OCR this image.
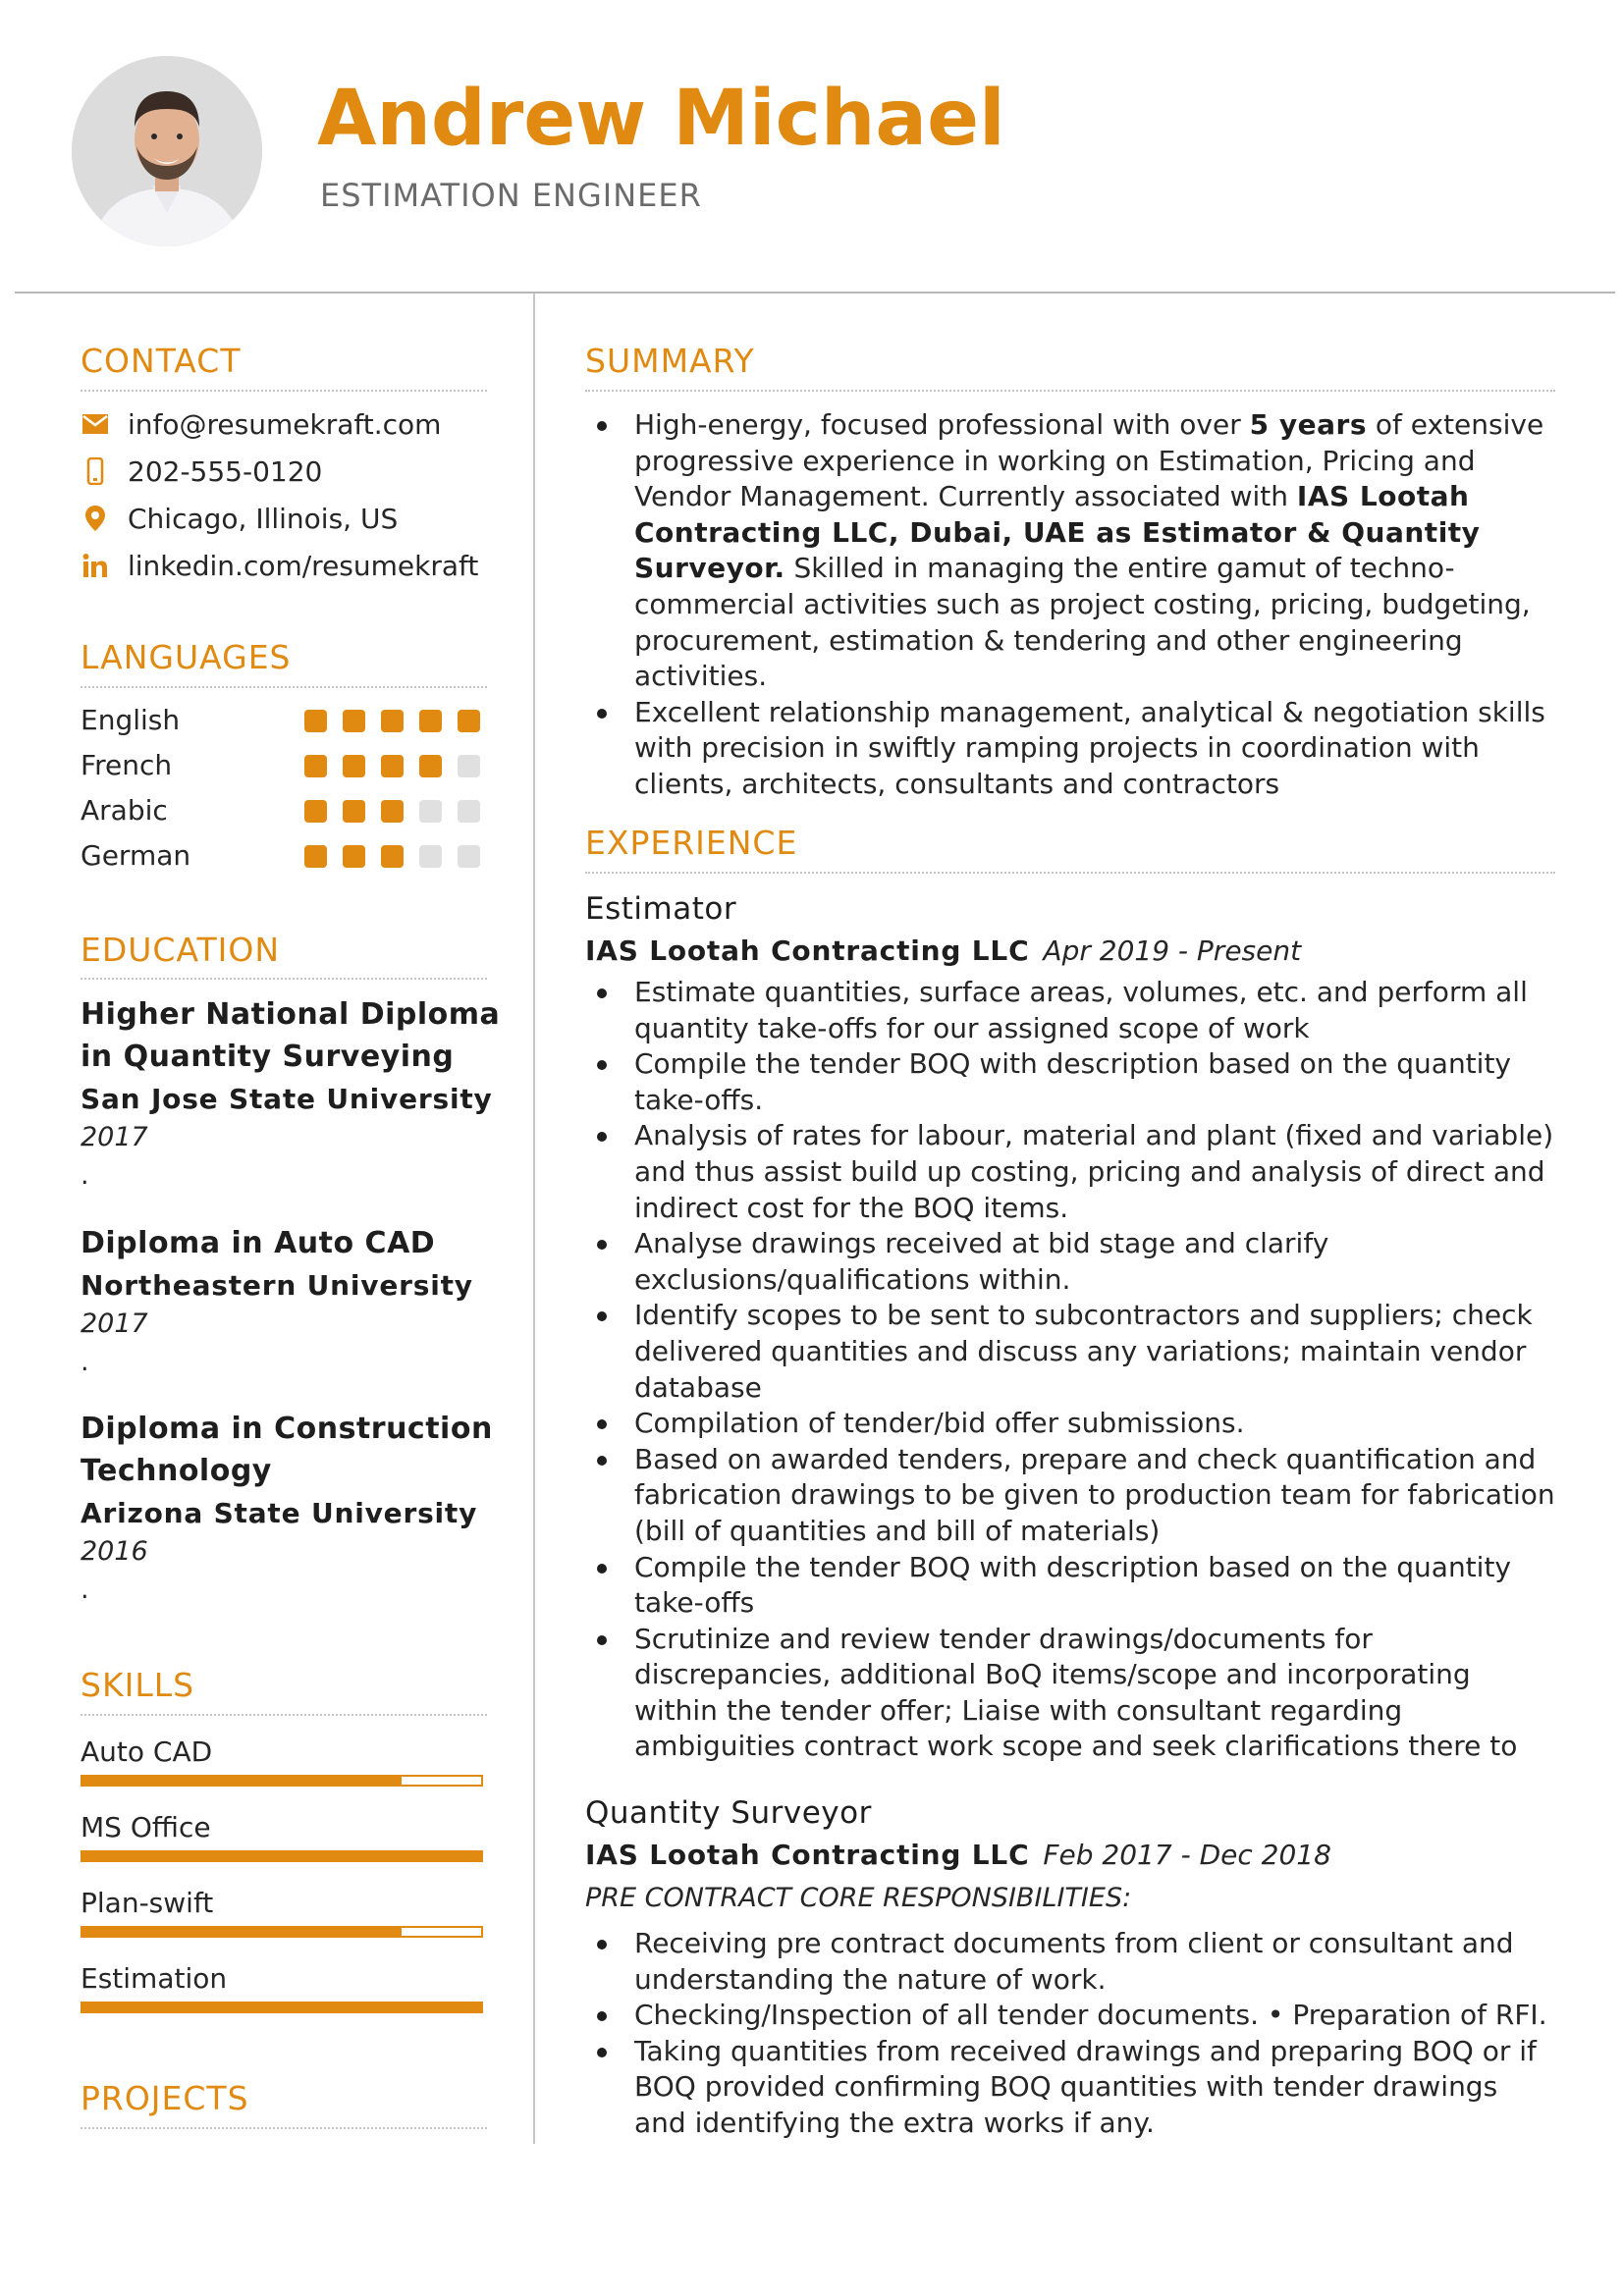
Andrew Michael
ESTIMATION ENGINEER
CONTACT
info@resumekraft.com
202-555-0120
Chicago, Illinois, US
linkedin.com/resumekraft
LANGUAGES
English
French
Arabic
German
EDUCATION
Higher National Diploma in Quantity Surveying
San Jose State University
2017
.
Diploma in Auto CAD
Northeastern University
2017
.
Diploma in Construction Technology
Arizona State University
2016
.
SKILLS
Auto CAD
MS Office
Plan-swift
Estimation
PROJECTS
SUMMARY
High-energy, focused professional with over 5 years of extensive progressive experience in working on Estimation, Pricing and Vendor Management. Currently associated with IAS Lootah Contracting LLC, Dubai, UAE as Estimator & Quantity Surveyor. Skilled in managing the entire gamut of techno-commercial activities such as project costing, pricing, budgeting, procurement, estimation & tendering and other engineering activities.
Excellent relationship management, analytical & negotiation skills with precision in swiftly ramping projects in coordination with clients, architects, consultants and contractors
EXPERIENCE
Estimator
IAS Lootah Contracting LLC Apr 2019 - Present
Estimate quantities, surface areas, volumes, etc. and perform all quantity take-offs for our assigned scope of work
Compile the tender BOQ with description based on the quantity take-offs.
Analysis of rates for labour, material and plant (fixed and variable) and thus assist build up costing, pricing and analysis of direct and indirect cost for the BOQ items.
Analyse drawings received at bid stage and clarify exclusions/qualifications within.
Identify scopes to be sent to subcontractors and suppliers; check delivered quantities and discuss any variations; maintain vendor database
Compilation of tender/bid offer submissions.
Based on awarded tenders, prepare and check quantification and fabrication drawings to be given to production team for fabrication (bill of quantities and bill of materials)
Compile the tender BOQ with description based on the quantity take-offs
Scrutinize and review tender drawings/documents for discrepancies, additional BoQ items/scope and incorporating within the tender offer; Liaise with consultant regarding ambiguities contract work scope and seek clarifications there to
Quantity Surveyor
IAS Lootah Contracting LLC Feb 2017 - Dec 2018
PRE CONTRACT CORE RESPONSIBILITIES:
Receiving pre contract documents from client or consultant and understanding the nature of work.
Checking/Inspection of all tender documents. • Preparation of RFI.
Taking quantities from received drawings and preparing BOQ or if BOQ provided confirming BOQ quantities with tender drawings and identifying the extra works if any.
